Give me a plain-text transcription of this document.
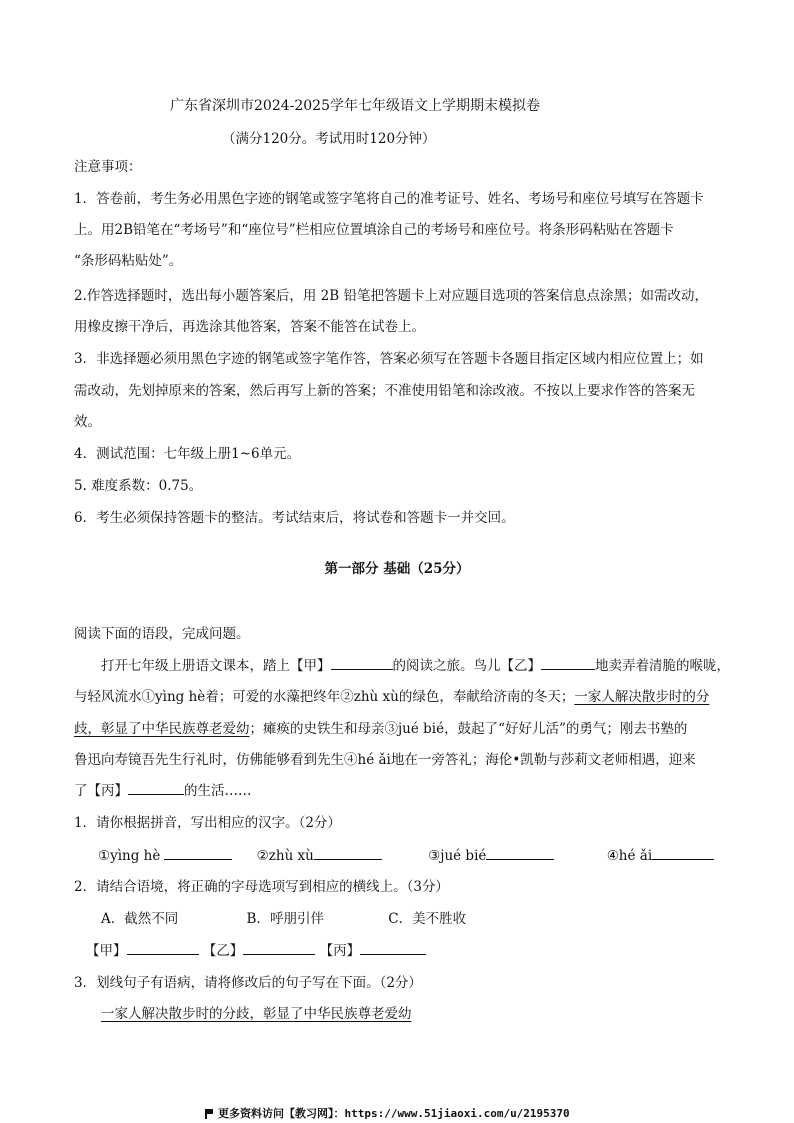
广东省深圳市2024-2025学年七年级语文上学期期末模拟卷
（满分120分。考试用时120分钟）
注意事项：
1．答卷前，考生务必用黑色字迹的钢笔或签字笔将自己的准考证号、姓名、考场号和座位号填写在答题卡
上。用2B铅笔在“考场号”和“座位号”栏相应位置填涂自己的考场号和座位号。将条形码粘贴在答题卡
“条形码粘贴处”。
2.作答选择题时，选出每小题答案后，用 2B 铅笔把答题卡上对应题目选项的答案信息点涂黑；如需改动，
用橡皮擦干净后，再选涂其他答案，答案不能答在试卷上。
3．非选择题必须用黑色字迹的钢笔或签字笔作答，答案必须写在答题卡各题目指定区域内相应位置上；如
需改动，先划掉原来的答案，然后再写上新的答案；不准使用铅笔和涂改液。不按以上要求作答的答案无
效。
4．测试范围：七年级上册1~6单元。
5. 难度系数：0.75。
6．考生必须保持答题卡的整洁。考试结束后，将试卷和答题卡一并交回。
第一部分 基础（25分）
阅读下面的语段，完成问题。
打开七年级上册语文课本，踏上【甲】	的阅读之旅。鸟儿【乙】	地卖弄着清脆的喉咙，
与轻风流水①yìng hè着；可爱的水藻把终年②zhù xù的绿色，奉献给济南的冬天；一家人解决散步时的分
歧，彰显了中华民族尊老爱幼；瘫痪的史铁生和母亲③jué bié，鼓起了“好好儿活”的勇气；刚去书塾的
鲁迅向寿镜吾先生行礼时，仿佛能够看到先生④hé ǎi地在一旁答礼；海伦•凯勒与莎莉文老师相遇，迎来
了【丙】	的生活……
1．请你根据拼音，写出相应的汉字。（2分）
①yìng hè	②zhù xù	③jué bié	④hé ǎi
2．请结合语境，将正确的字母选项写到相应的横线上。（3分）
A．截然不同	B．呼朋引伴	C．美不胜收
【甲】	【乙】	【丙】
3．划线句子有语病，请将修改后的句子写在下面。（2分）
一家人解决散步时的分歧，彰显了中华民族尊老爱幼
更多资料访问【教习网】：https://www.51jiaoxi.com/u/2195370
